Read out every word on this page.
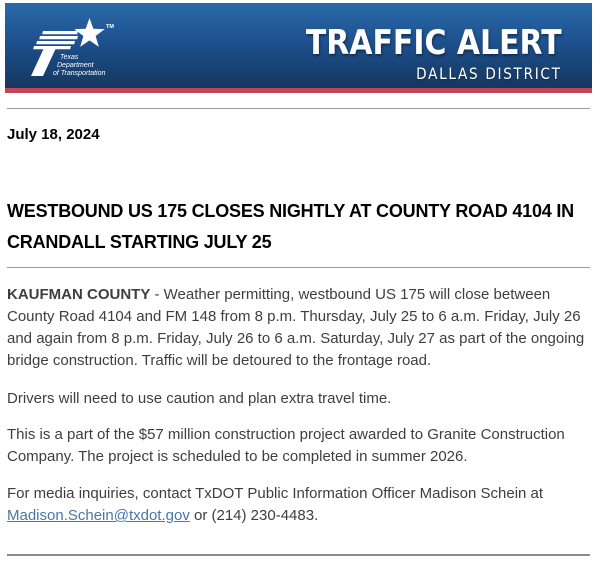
TM
Texas
Department
of Transportation
TRAFFIC ALERT
DALLAS DISTRICT

July 18, 2024

WESTBOUND US 175 CLOSES NIGHTLY AT COUNTY ROAD 4104 IN CRANDALL STARTING JULY 25

KAUFMAN COUNTY - Weather permitting, westbound US 175 will close between County Road 4104 and FM 148 from 8 p.m. Thursday, July 25 to 6 a.m. Friday, July 26 and again from 8 p.m. Friday, July 26 to 6 a.m. Saturday, July 27 as part of the ongoing bridge construction. Traffic will be detoured to the frontage road.

Drivers will need to use caution and plan extra travel time.

This is a part of the $57 million construction project awarded to Granite Construction Company. The project is scheduled to be completed in summer 2026.

For media inquiries, contact TxDOT Public Information Officer Madison Schein at Madison.Schein@txdot.gov or (214) 230-4483.
